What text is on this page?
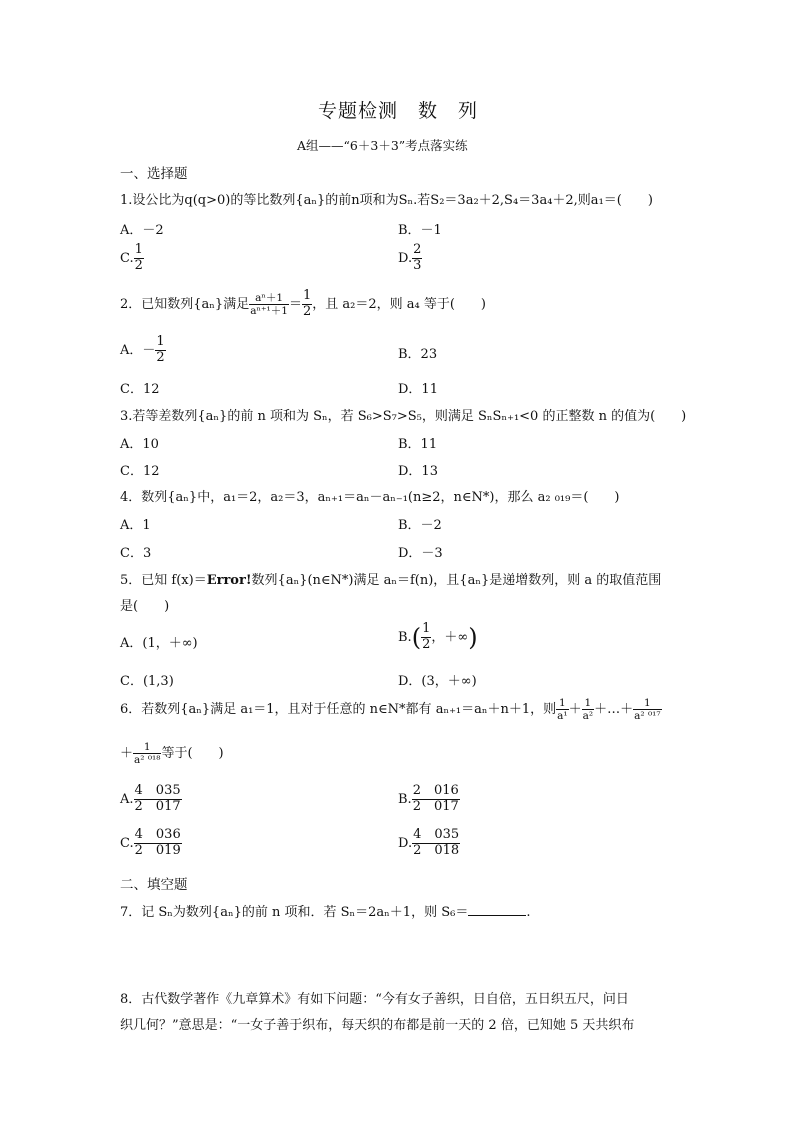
专题检测　数　列
A组——“6＋3＋3”考点落实练
一、选择题
1.设公比为q(q>0)的等比数列{aₙ}的前n项和为Sₙ.若S₂＝3a₂＋2,S₄＝3a₄＋2,则a₁＝(　　)
A．－2	B．－1
C. $\frac{1}{2}$	D. $\frac{2}{3}$
2．已知数列{aₙ}满足 $\frac{\text{aⁿ＋1}}{\text{aⁿ⁺¹＋1}} = \frac{1}{2}$ ，且 a₂＝2，则 a₄ 等于(　　)
A．－ $\frac{1}{2}$	B．23
C．12	D．11
3.若等差数列{aₙ}的前 n 项和为 Sₙ，若 S₆>S₇>S₅，则满足 SₙSₙ₊₁<0 的正整数 n 的值为(　　)
A．10	B．11
C．12	D．13
4．数列{aₙ}中，a₁＝2，a₂＝3，aₙ₊₁＝aₙ－aₙ₋₁(n≥2，n∈N*)，那么 a₂ ₀₁₉＝(　　)
A．1	B．－2
C．3	D．－3
5．已知 f(x)＝Error!数列{aₙ}(n∈N*)满足 aₙ＝f(n)，且{aₙ}是递增数列，则 a 的取值范围
是(　　)
A．(1，＋∞)	$B.( \frac{1}{2}$ ，＋∞)
C．(1,3)	D．(3，＋∞)
6．若数列{aₙ}满足 a₁＝1，且对于任意的 n∈N*都有 aₙ₊₁＝aₙ＋n＋1，则 $\frac{1}{\text{a¹}} + \frac{1}{\text{a²}}$ ＋…＋ $\frac{1}{\text{a² ⁰¹⁷}}$
＋ $\frac{1}{\text{a² ⁰¹⁸}}$ 等于(　　)
A. $\frac{4 035}{2 017}$	B. $\frac{2 016}{2 017}$
C. $\frac{4 036}{2 019}$	D. $\frac{4 035}{2 018}$
二、填空题
7．记 Sₙ为数列{aₙ}的前 n 项和．若 Sₙ＝2aₙ＋1，则 S₆＝	.
8．古代数学著作《九章算术》有如下问题：“今有女子善织，日自倍，五日织五尺，问日
织几何？”意思是：“一女子善于织布，每天织的布都是前一天的 2 倍，已知她 5 天共织布
